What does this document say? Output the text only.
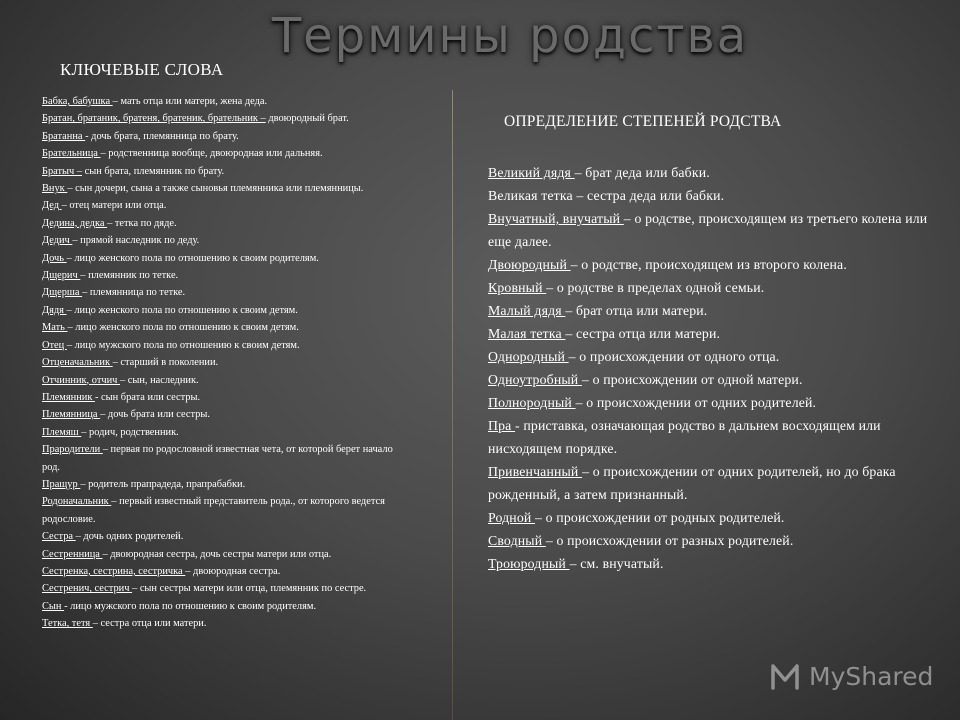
Термины родства
КЛЮЧЕВЫЕ СЛОВА
Бабка, бабушка – мать отца или матери, жена деда.
Братан, братаник, братеня, братеник, брательник – двоюродный брат.
Братанна - дочь брата, племянница по брату.
Брательница – родственница вообще, двоюродная или дальняя.
Братыч – сын брата, племянник по брату.
Внук – сын дочери, сына а также сыновья племянника или племянницы.
Дед – отец матери или отца.
Дедина, дедка – тетка по дяде.
Дедич – прямой наследник по деду.
Дочь – лицо женского пола по отношению к своим родителям.
Дщерич – племянник по тетке.
Дщерша – племянница по тетке.
Дядя – лицо женского пола по отношению к своим детям.
Мать – лицо женского пола по отношению к своим детям.
Отец – лицо мужского пола по отношению к своим детям.
Отценачальник – старший в поколении.
Отчинник, отчич – сын, наследник.
Племянник - сын брата или сестры.
Племянница – дочь брата или сестры.
Племяш – родич, родственник.
Прародители – первая по родословной известная чета, от которой берет начало род.
Пращур – родитель прапрадеда, прапрабабки.
Родоначальник – первый известный представитель рода., от которого ведется родословие.
Сестра – дочь одних родителей.
Сестренница – двоюродная сестра, дочь сестры матери или отца.
Сестренка, сестрина, сестричка – двоюродная сестра.
Сестренич, сестрич – сын сестры матери или отца, племянник по сестре.
Сын - лицо мужского пола по отношению к своим родителям.
Тетка, тетя – сестра отца или матери.
ОПРЕДЕЛЕНИЕ СТЕПЕНЕЙ РОДСТВА
Великий дядя – брат деда или бабки.
Великая тетка – сестра деда или бабки.
Внучатный, внучатый – о родстве, происходящем из третьего колена или еще далее.
Двоюродный – о родстве, происходящем из второго колена.
Кровный – о родстве в пределах одной семьи.
Малый дядя – брат отца или матери.
Малая тетка – сестра отца или матери.
Однородный – о происхождении от одного отца.
Одноутробный – о происхождении от одной матери.
Полнородный – о происхождении от одних родителей.
Пра - приставка, означающая родство в дальнем восходящем или нисходящем порядке.
Привенчанный – о происхождении от одних родителей, но до брака рожденный, а затем признанный.
Родной – о происхождении от родных родителей.
Сводный – о происхождении от разных родителей.
Троюродный – см. внучатый.
MyShared
